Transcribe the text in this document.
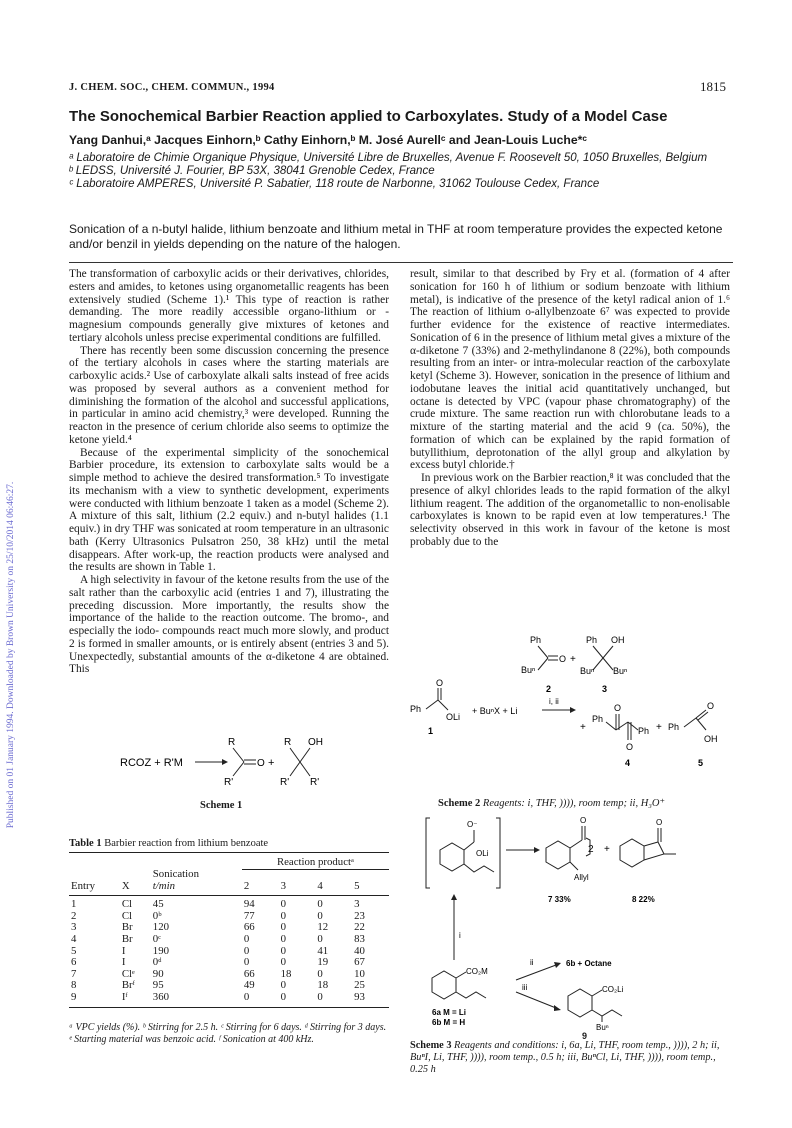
Published on 01 January 1994. Downloaded by Brown University on 25/10/2014 06:46:27.
J. CHEM. SOC., CHEM. COMMUN., 1994	1815
The Sonochemical Barbier Reaction applied to Carboxylates. Study of a Model Case
Yang Danhui,ᵃ Jacques Einhorn,ᵇ Cathy Einhorn,ᵇ M. José Aurellᶜ and Jean-Louis Luche*ᶜ

ᵃ Laboratoire de Chimie Organique Physique, Université Libre de Bruxelles, Avenue F. Roosevelt 50, 1050 Bruxelles, Belgium

ᵇ LEDSS, Université J. Fourier, BP 53X, 38041 Grenoble Cedex, France

ᶜ Laboratoire AMPERES, Université P. Sabatier, 118 route de Narbonne, 31062 Toulouse Cedex, France

Sonication of a n-butyl halide, lithium benzoate and lithium metal in THF at room temperature provides the expected ketone and/or benzil in yields depending on the nature of the halogen.

The transformation of carboxylic acids or their derivatives, chlorides, esters and amides, to ketones using organometallic reagents has been extensively studied (Scheme 1).¹ This type of reaction is rather demanding. The more readily accessible organo-lithium or -magnesium compounds generally give mixtures of ketones and tertiary alcohols unless precise experimental conditions are fulfilled.

There has recently been some discussion concerning the presence of the tertiary alcohols in cases where the starting materials are carboxylic acids.² Use of carboxylate alkali salts instead of free acids was proposed by several authors as a convenient method for diminishing the formation of the alcohol and successful applications, in particular in amino acid chemistry,³ were developed. Running the reacton in the presence of cerium chloride also seems to optimize the ketone yield.⁴

Because of the experimental simplicity of the sonochemical Barbier procedure, its extension to carboxylate salts would be a simple method to achieve the desired transformation.⁵ To investigate its mechanism with a view to synthetic development, experiments were conducted with lithium benzoate 1 taken as a model (Scheme 2). A mixture of this salt, lithium (2.2 equiv.) and n-butyl halides (1.1 equiv.) in dry THF was sonicated at room temperature in an ultrasonic bath (Kerry Ultrasonics Pulsatron 250, 38 kHz) until the metal disappears. After work-up, the reaction products were analysed and the results are shown in Table 1.

A high selectivity in favour of the ketone results from the use of the salt rather than the carboxylic acid (entries 1 and 7), illustrating the preceding discussion. More importantly, the results show the importance of the halide to the reaction outcome. The bromo-, and especially the iodo- compounds react much more slowly, and product 2 is formed in smaller amounts, or is entirely absent (entries 3 and 5). Unexpectedly, substantial amounts of the α-diketone 4 are obtained. This

result, similar to that described by Fry et al. (formation of 4 after sonication for 160 h of lithium or sodium benzoate with lithium metal), is indicative of the presence of the ketyl radical anion of 1.⁶ The reaction of lithium o-allylbenzoate 6⁷ was expected to provide further evidence for the existence of reactive intermediates. Sonication of 6 in the presence of lithium metal gives a mixture of the α-diketone 7 (33%) and 2-methylindanone 8 (22%), both compounds resulting from an inter- or intra-molecular reaction of the carboxylate ketyl (Scheme 3). However, sonication in the presence of lithium and iodobutane leaves the initial acid quantitatively unchanged, but octane is detected by VPC (vapour phase chromatography) of the crude mixture. The same reaction run with chlorobutane leads to a mixture of the starting material and the acid 9 (ca. 50%), the formation of which can be explained by the rapid formation of butyllithium, deprotonation of the allyl group and alkylation by excess butyl chloride.†

In previous work on the Barbier reaction,⁸ it was concluded that the presence of alkyl chlorides leads to the rapid formation of the alkyl lithium reagent. The addition of the organometallic to non-enolisable carboxylates is known to be rapid even at low temperatures.¹ The selectivity observed in this work in favour of the ketone is most probably due to the

RCOZ + R'M
R
R'
O +
R OH
R' R'
Scheme 1
Table 1 Barbier reaction from lithium benzoate
			Reaction productᵃ			
		Sonication				
Entry	X	t/min	2	3	4	5
1	Cl	45	94	0	0	3
2	Cl	0ᵇ	77	0	0	23
3	Br	120	66	0	12	22
4	Br	0ᶜ	0	0	0	83
5	I	190	0	0	41	40
6	I	0ᵈ	0	0	19	67
7	Clᵉ	90	66	18	0	10
8	Brᶠ	95	49	0	18	25
9	Iᶠ	360	0	0	0	93
ᵃ VPC yields (%). ᵇ Stirring for 2.5 h. ᶜ Stirring for 6 days. ᵈ Stirring for 3 days. ᵉ Starting material was benzoic acid. ᶠ Sonication at 400 kHz.
Ph
Buⁿ
O +
2
Ph OH
Buⁿ Buⁿ
3
Ph
O
OLi
1
+ BuⁿX + Li
i, ii
+
Ph
O
O
Ph
4
+ Ph
O
OH
5
Scheme 2 Reagents: i, THF, )))), room temp; ii, H₃O⁺
O⁻
OLi
O
2
Allyl
+
7 33%
O
8 22%
i
CO₂M
6a M = Li
6b M = H
ii	6b + Octane
iii	CO₂Li
Buⁿ
Scheme 3 Reagents and conditions: i, 6a, Li, THF, room temp., )))), 2 h; ii, BuⁿI, Li, THF, )))), room temp., 0.5 h; iii, BuⁿCl, Li, THF, )))), room temp., 0.25 h
9
